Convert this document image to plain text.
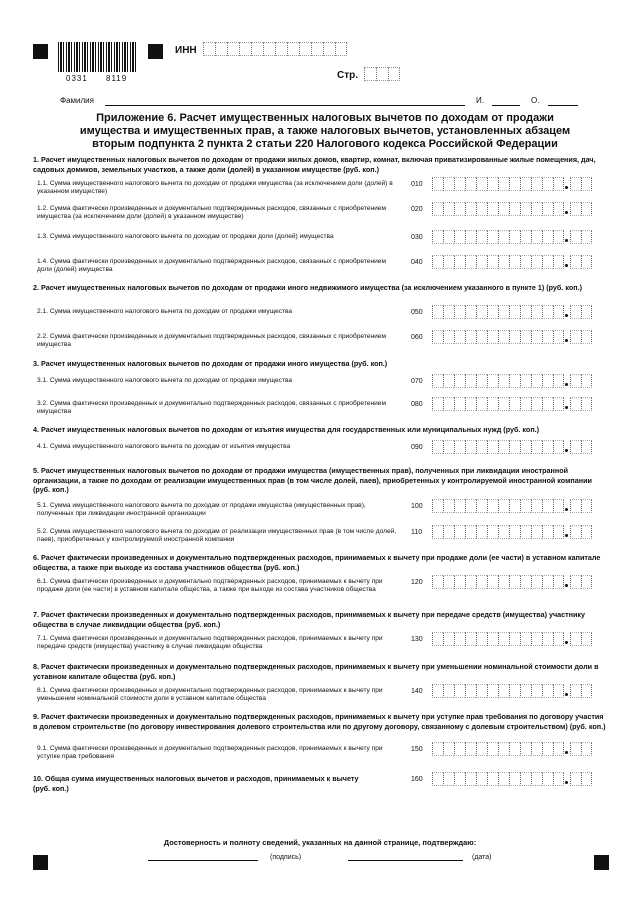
0331 8119
ИНН
Стр.
Фамилия	И.	О.
Приложение 6. Расчет имущественных налоговых вычетов по доходам от продажи
имущества и имущественных прав, а также налоговых вычетов, установленных абзацем
вторым подпункта 2 пункта 2 статьи 220 Налогового кодекса Российской Федерации
1. Расчет имущественных налоговых вычетов по доходам от продажи жилых домов, квартир, комнат, включая приватизированные жилые помещения, дач, садовых домиков, земельных участков, а также доли (долей) в указанном имуществе (руб. коп.)
2. Расчет имущественных налоговых вычетов по доходам от продажи иного недвижимого имущества (за исключением указанного в пункте 1) (руб. коп.)
3. Расчет имущественных налоговых вычетов по доходам от продажи иного имущества (руб. коп.)
4. Расчет имущественных налоговых вычетов по доходам от изъятия имущества для государственных или муниципальных нужд (руб. коп.)
5. Расчет имущественных налоговых вычетов по доходам от продажи имущества (имущественных прав), полученных при ликвидации иностранной организации, а также по доходам от реализации имущественных прав (в том числе долей, паев), приобретенных у контролируемой иностранной компании (руб. коп.)
6. Расчет фактически произведенных и документально подтвержденных расходов, принимаемых к вычету при продаже доли (ее части) в уставном капитале общества, а также при выходе из состава участников общества (руб. коп.)
7. Расчет фактически произведенных и документально подтвержденных расходов, принимаемых к вычету при передаче средств (имущества) участнику общества в случае ликвидации общества (руб. коп.)
8. Расчет фактически произведенных и документально подтвержденных расходов, принимаемых к вычету при уменьшении номинальной стоимости доли в уставном капитале общества (руб. коп.)
9. Расчет фактически произведенных и документально подтвержденных расходов, принимаемых к вычету при уступке прав требования по договору участия в долевом строительстве (по договору инвестирования долевого строительства или по другому договору, связанному с долевым строительством) (руб. коп.)
10. Общая сумма имущественных налоговых вычетов и расходов, принимаемых к вычету (руб. коп.)
1.1. Сумма имущественного налогового вычета по доходам от продажи имущества (за исключением доли (долей) в указанном имуществе)
010
1.2. Сумма фактически произведенных и документально подтвержденных расходов, связанных с приобретением имущества (за исключением доли (долей) в указанном имуществе)
020
1.3. Сумма имущественного налогового вычета по доходам от продажи доли (долей) имущества	030
1.4. Сумма фактически произведенных и документально подтвержденных расходов, связанных с приобретением доли (долей) имущества
040
2.1. Сумма имущественного налогового вычета по доходам от продажи имущества	050
2.2. Сумма фактически произведенных и документально подтвержденных расходов, связанных с приобретением имущества
060
3.1. Сумма имущественного налогового вычета по доходам от продажи имущества	070
3.2. Сумма фактически произведенных и документально подтвержденных расходов, связанных с приобретением имущества
080
4.1. Сумма имущественного налогового вычета по доходам от изъятия имущества	090
5.1. Сумма имущественного налогового вычета по доходам от продажи имущества (имущественных прав), полученных при ликвидации иностранной организации
100
5.2. Сумма имущественного налогового вычета по доходам от реализации имущественных прав (в том числе долей, паев), приобретенных у контролируемой иностранной компании
110
6.1. Сумма фактически произведенных и документально подтвержденных расходов, принимаемых к вычету при продаже доли (ее части) в уставном капитале общества, а также при выходе из состава участников общества
120
7.1. Сумма фактически произведенных и документально подтвержденных расходов, принимаемых к вычету при передаче средств (имущества) участнику в случае ликвидации общества
130
8.1. Сумма фактически произведенных и документально подтвержденных расходов, принимаемых к вычету при уменьшении номинальной стоимости доли в уставном капитале общества
140
9.1. Сумма фактически произведенных и документально подтвержденных расходов, принимаемых к вычету при уступке прав требования
150
160
Достоверность и полноту сведений, указанных на данной странице, подтверждаю:
(подпись)	(дата)
